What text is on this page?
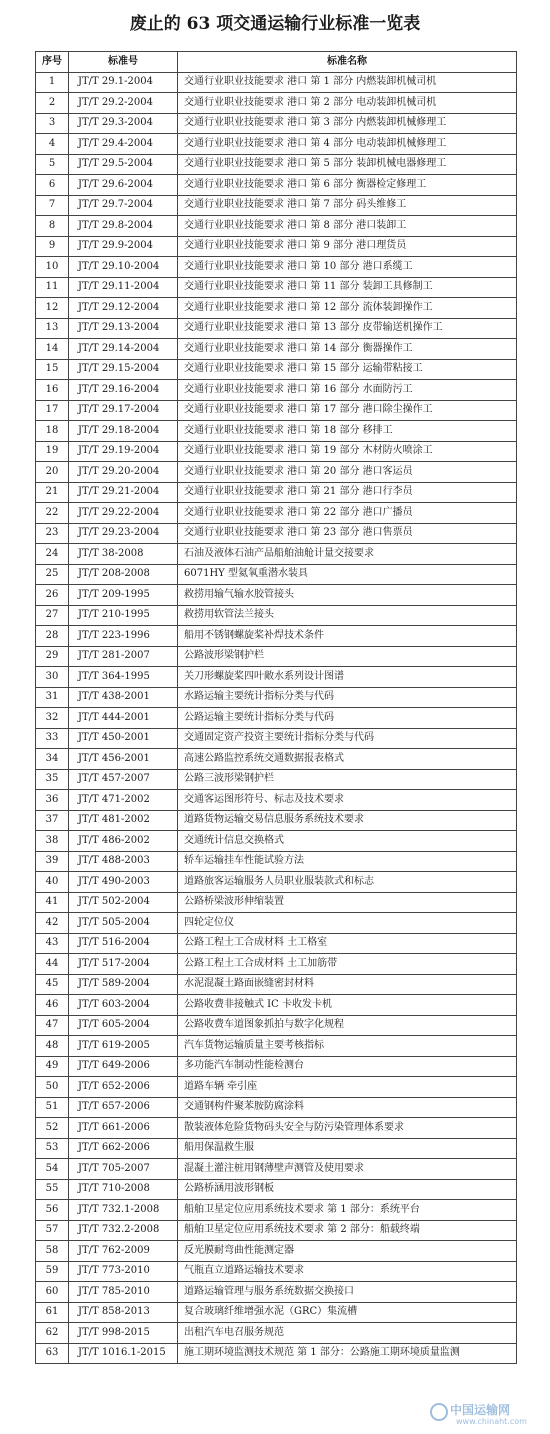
废止的 63 项交通运输行业标准一览表
序号	标准号	标准名称
1	JT/T 29.1-2004	交通行业职业技能要求 港口 第 1 部分 内燃装卸机械司机
2	JT/T 29.2-2004	交通行业职业技能要求 港口 第 2 部分 电动装卸机械司机
3	JT/T 29.3-2004	交通行业职业技能要求 港口 第 3 部分 内燃装卸机械修理工
4	JT/T 29.4-2004	交通行业职业技能要求 港口 第 4 部分 电动装卸机械修理工
5	JT/T 29.5-2004	交通行业职业技能要求 港口 第 5 部分 装卸机械电器修理工
6	JT/T 29.6-2004	交通行业职业技能要求 港口 第 6 部分 衡器检定修理工
7	JT/T 29.7-2004	交通行业职业技能要求 港口 第 7 部分 码头维修工
8	JT/T 29.8-2004	交通行业职业技能要求 港口 第 8 部分 港口装卸工
9	JT/T 29.9-2004	交通行业职业技能要求 港口 第 9 部分 港口理货员
10	JT/T 29.10-2004	交通行业职业技能要求 港口 第 10 部分 港口系缆工
11	JT/T 29.11-2004	交通行业职业技能要求 港口 第 11 部分 装卸工具修制工
12	JT/T 29.12-2004	交通行业职业技能要求 港口 第 12 部分 流体装卸操作工
13	JT/T 29.13-2004	交通行业职业技能要求 港口 第 13 部分 皮带输送机操作工
14	JT/T 29.14-2004	交通行业职业技能要求 港口 第 14 部分 衡器操作工
15	JT/T 29.15-2004	交通行业职业技能要求 港口 第 15 部分 运输带粘接工
16	JT/T 29.16-2004	交通行业职业技能要求 港口 第 16 部分 水面防污工
17	JT/T 29.17-2004	交通行业职业技能要求 港口 第 17 部分 港口除尘操作工
18	JT/T 29.18-2004	交通行业职业技能要求 港口 第 18 部分 移排工
19	JT/T 29.19-2004	交通行业职业技能要求 港口 第 19 部分 木材防火喷涂工
20	JT/T 29.20-2004	交通行业职业技能要求 港口 第 20 部分 港口客运员
21	JT/T 29.21-2004	交通行业职业技能要求 港口 第 21 部分 港口行李员
22	JT/T 29.22-2004	交通行业职业技能要求 港口 第 22 部分 港口广播员
23	JT/T 29.23-2004	交通行业职业技能要求 港口 第 23 部分 港口售票员
24	JT/T 38-2008	石油及液体石油产品船舶油舱计量交接要求
25	JT/T 208-2008	6071HY 型氦氧重潜水装具
26	JT/T 209-1995	救捞用输气输水胶管接头
27	JT/T 210-1995	救捞用软管法兰接头
28	JT/T 223-1996	船用不锈钢螺旋桨补焊技术条件
29	JT/T 281-2007	公路波形梁钢护栏
30	JT/T 364-1995	关刀形螺旋桨四叶敞水系列设计图谱
31	JT/T 438-2001	水路运输主要统计指标分类与代码
32	JT/T 444-2001	公路运输主要统计指标分类与代码
33	JT/T 450-2001	交通固定资产投资主要统计指标分类与代码
34	JT/T 456-2001	高速公路监控系统交通数据报表格式
35	JT/T 457-2007	公路三波形梁钢护栏
36	JT/T 471-2002	交通客运图形符号、标志及技术要求
37	JT/T 481-2002	道路货物运输交易信息服务系统技术要求
38	JT/T 486-2002	交通统计信息交换格式
39	JT/T 488-2003	轿车运输挂车性能试验方法
40	JT/T 490-2003	道路旅客运输服务人员职业服装款式和标志
41	JT/T 502-2004	公路桥梁波形伸缩装置
42	JT/T 505-2004	四轮定位仪
43	JT/T 516-2004	公路工程土工合成材料 土工格室
44	JT/T 517-2004	公路工程土工合成材料 土工加筋带
45	JT/T 589-2004	水泥混凝土路面嵌缝密封材料
46	JT/T 603-2004	公路收费非接触式 IC 卡收发卡机
47	JT/T 605-2004	公路收费车道图象抓拍与数字化规程
48	JT/T 619-2005	汽车货物运输质量主要考核指标
49	JT/T 649-2006	多功能汽车制动性能检测台
50	JT/T 652-2006	道路车辆 牵引座
51	JT/T 657-2006	交通钢构件聚苯胺防腐涂料
52	JT/T 661-2006	散装液体危险货物码头安全与防污染管理体系要求
53	JT/T 662-2006	船用保温救生服
54	JT/T 705-2007	混凝土灌注桩用钢薄壁声测管及使用要求
55	JT/T 710-2008	公路桥涵用波形钢板
56	JT/T 732.1-2008	船舶卫星定位应用系统技术要求 第 1 部分：系统平台
57	JT/T 732.2-2008	船舶卫星定位应用系统技术要求 第 2 部分：船载终端
58	JT/T 762-2009	反光膜耐弯曲性能测定器
59	JT/T 773-2010	气瓶直立道路运输技术要求
60	JT/T 785-2010	道路运输管理与服务系统数据交换接口
61	JT/T 858-2013	复合玻璃纤维增强水泥（GRC）集流槽
62	JT/T 998-2015	出租汽车电召服务规范
63	JT/T 1016.1-2015	施工期环境监测技术规范 第 1 部分：公路施工期环境质量监测
中国运输网
www.chinaht.com
